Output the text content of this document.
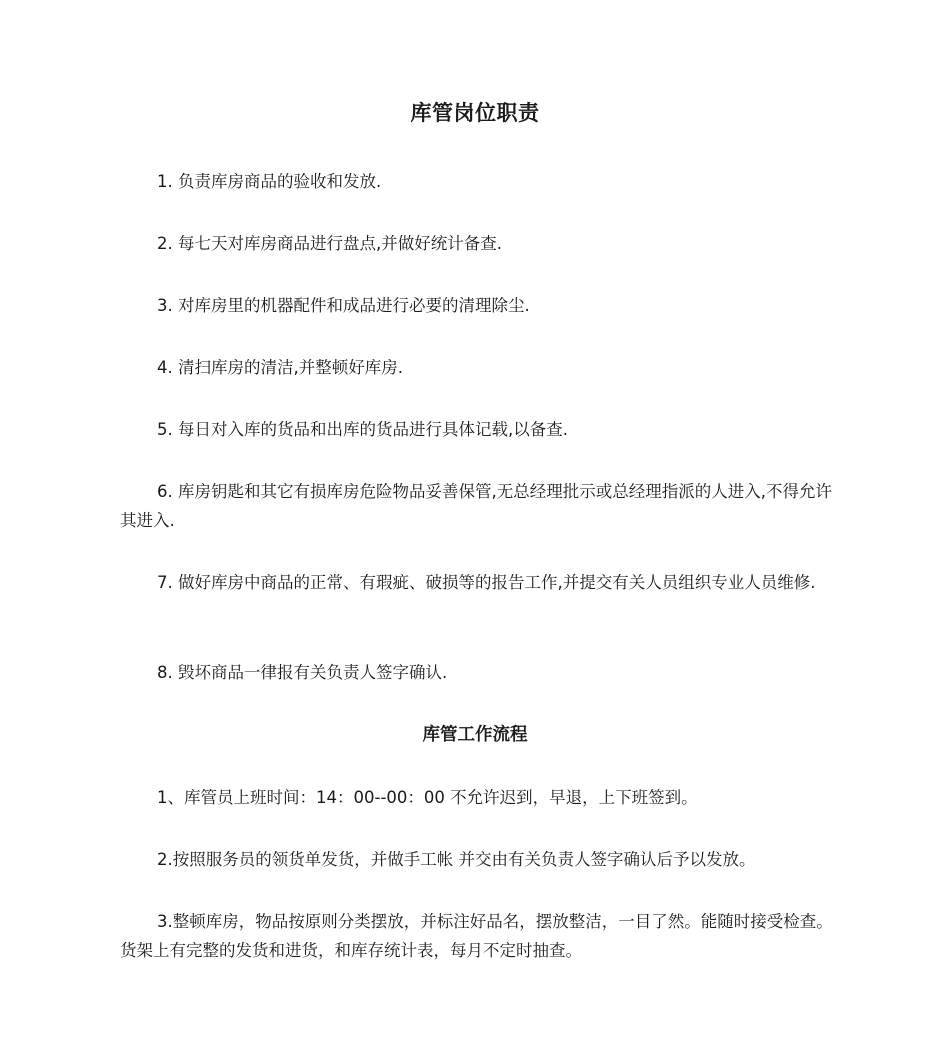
库管岗位职责
1. 负责库房商品的验收和发放.
2. 每七天对库房商品进行盘点,并做好统计备查.
3. 对库房里的机器配件和成品进行必要的清理除尘.
4. 清扫库房的清洁,并整顿好库房.
5. 每日对入库的货品和出库的货品进行具体记载,以备查.
6. 库房钥匙和其它有损库房危险物品妥善保管,无总经理批示或总经理指派的人进入,不得允许其进入.
7. 做好库房中商品的正常、有瑕疵、破损等的报告工作,并提交有关人员组织专业人员维修.
8. 毁坏商品一律报有关负责人签字确认.
库管工作流程
1、库管员上班时间：14：00--00：00 不允许迟到，早退，上下班签到。
2.按照服务员的领货单发货，并做手工帐 并交由有关负责人签字确认后予以发放。
3.整顿库房，物品按原则分类摆放，并标注好品名，摆放整洁，一目了然。能随时接受检查。货架上有完整的发货和进货，和库存统计表，每月不定时抽查。
